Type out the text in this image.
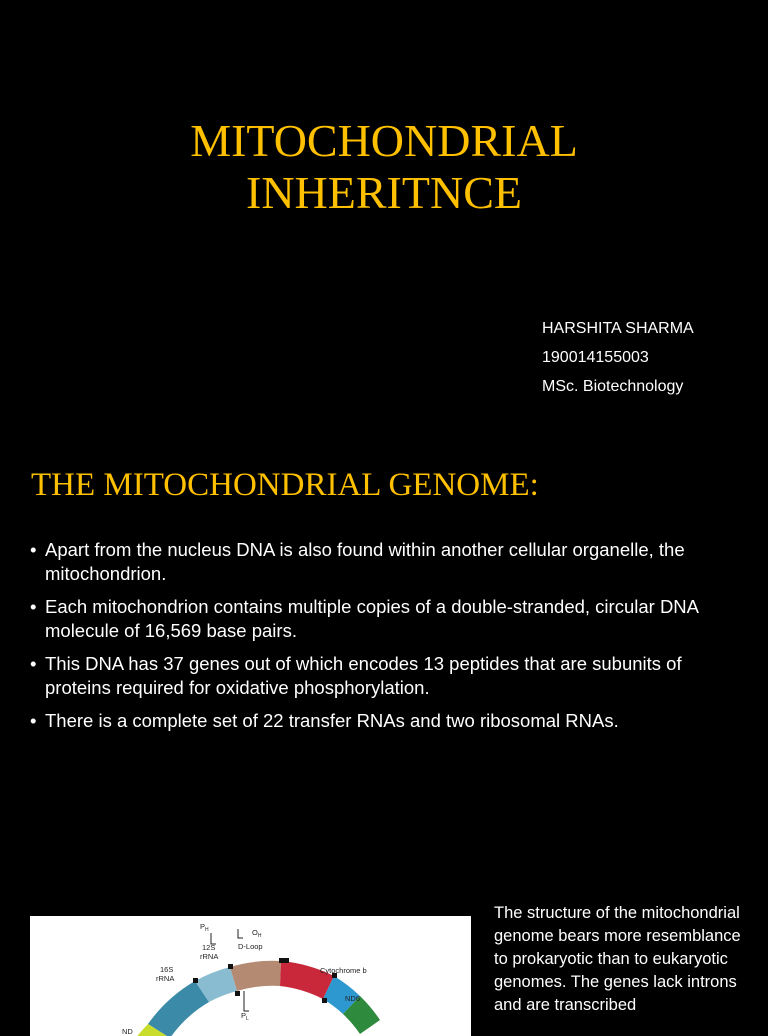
MITOCHONDRIAL
INHERITNCE
HARSHITA SHARMA
190014155003
MSc. Biotechnology
THE MITOCHONDRIAL GENOME:
• Apart from the nucleus DNA is also found within another cellular organelle, the mitochondrion.
• Each mitochondrion contains multiple copies of a double-stranded, circular DNA molecule of 16,569 base pairs.
• This DNA has 37 genes out of which encodes 13 peptides that are subunits of proteins required for oxidative phosphorylation.
• There is a complete set of 22 transfer RNAs and two ribosomal RNAs.
$P_H$	$O_H$
D-Loop
12S
rRNA
16S
rRNA
$P_L$
Cytochrome b
ND6
ND
The structure of the mitochondrial genome bears more resemblance to prokaryotic than to eukaryotic genomes. The genes lack introns and are transcribed
